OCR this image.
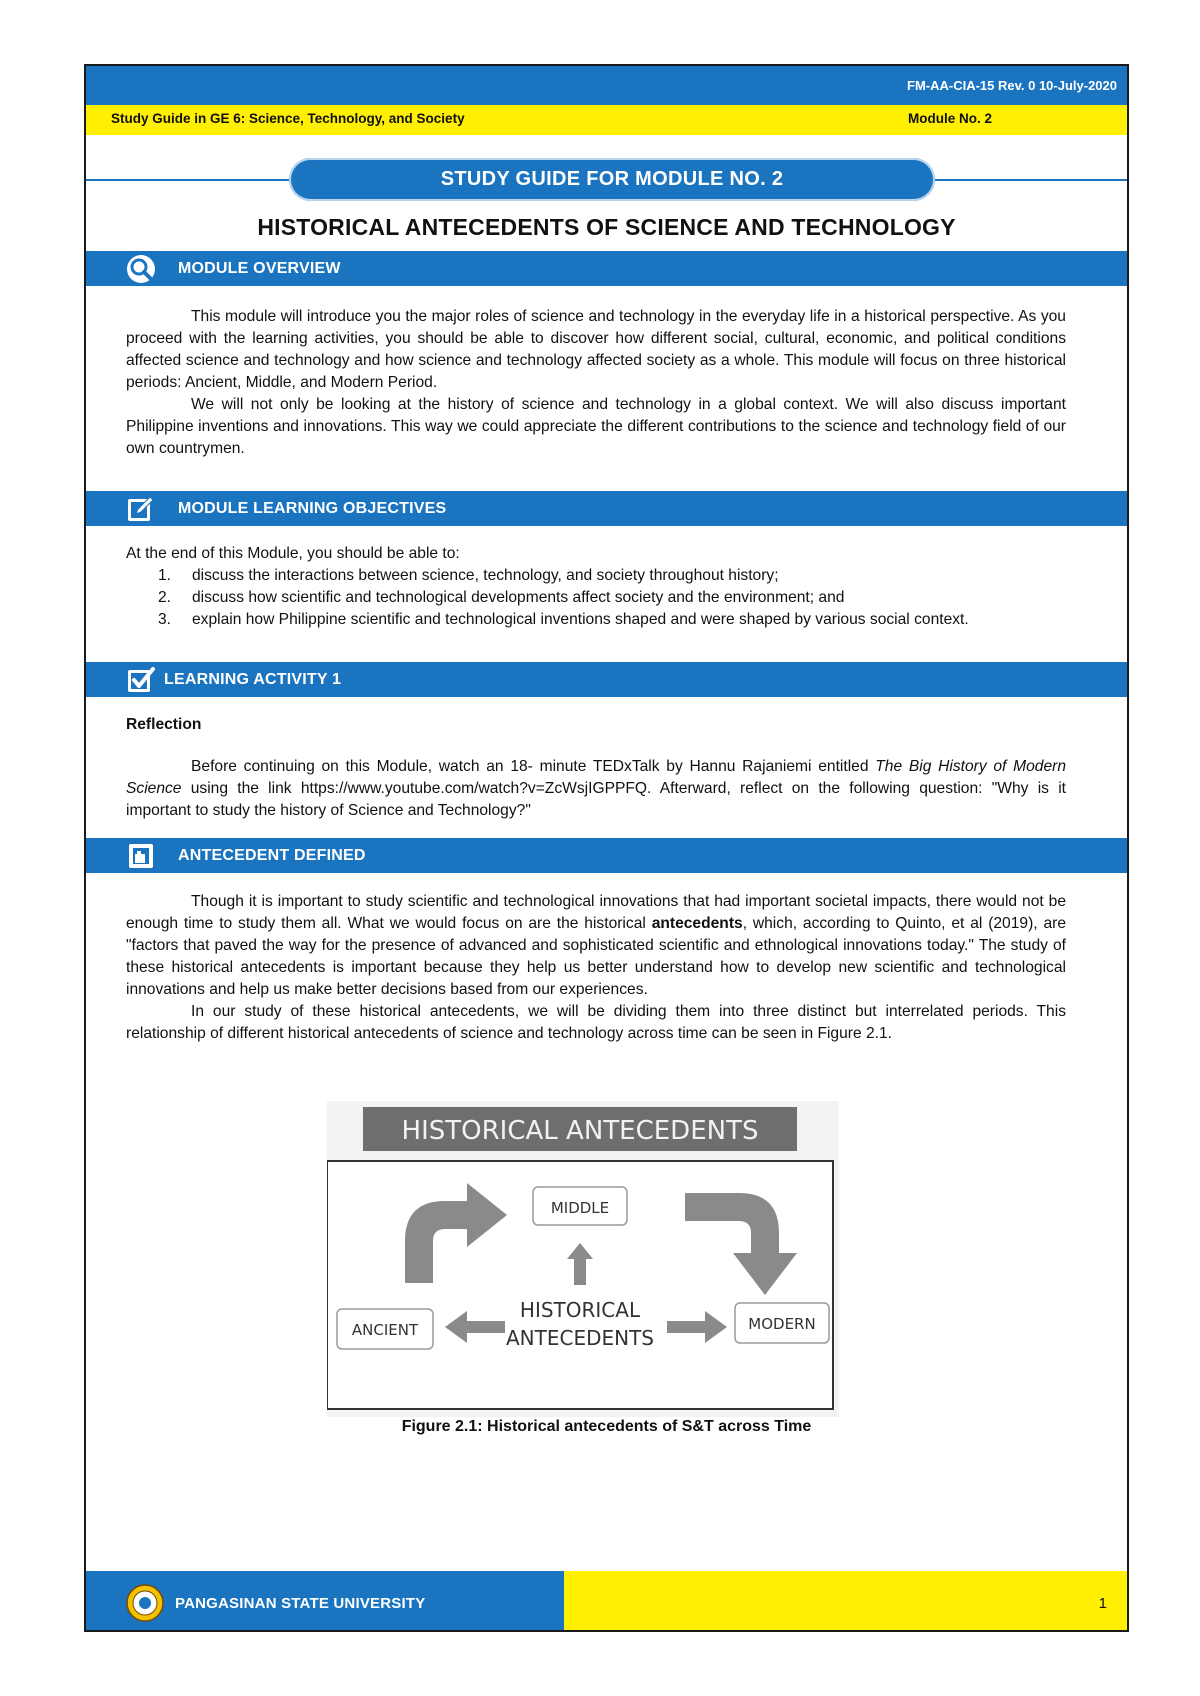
FM-AA-CIA-15 Rev. 0 10-July-2020
Study Guide in GE 6: Science, Technology, and Society	Module No. 2
STUDY GUIDE FOR MODULE NO. 2
HISTORICAL ANTECEDENTS OF SCIENCE AND TECHNOLOGY
MODULE OVERVIEW

This module will introduce you the major roles of science and technology in the everyday life in a historical perspective. As you proceed with the learning activities, you should be able to discover how different social, cultural, economic, and political conditions affected science and technology and how science and technology affected society as a whole. This module will focus on three historical periods: Ancient, Middle, and Modern Period.

We will not only be looking at the history of science and technology in a global context. We will also discuss important Philippine inventions and innovations. This way we could appreciate the different contributions to the science and technology field of our own countrymen.

MODULE LEARNING OBJECTIVES

At the end of this Module, you should be able to:

1. discuss the interactions between science, technology, and society throughout history;
2. discuss how scientific and technological developments affect society and the environment; and
3. explain how Philippine scientific and technological inventions shaped and were shaped by various social context.
LEARNING ACTIVITY 1

Reflection

Before continuing on this Module, watch an 18- minute TEDxTalk by Hannu Rajaniemi entitled The Big History of Modern Science using the link https://www.youtube.com/watch?v=ZcWsjIGPPFQ. Afterward, reflect on the following question: "Why is it important to study the history of Science and Technology?"

ANTECEDENT DEFINED

Though it is important to study scientific and technological innovations that had important societal impacts, there would not be enough time to study them all. What we would focus on are the historical antecedents, which, according to Quinto, et al (2019), are "factors that paved the way for the presence of advanced and sophisticated scientific and ethnological innovations today." The study of these historical antecedents is important because they help us better understand how to develop new scientific and technological innovations and help us make better decisions based from our experiences.

In our study of these historical antecedents, we will be dividing them into three distinct but interrelated periods. This relationship of different historical antecedents of science and technology across time can be seen in Figure 2.1.

HISTORICAL ANTECEDENTS
MIDDLE
HISTORICAL
ANTECEDENTS
ANCIENT	MODERN
Figure 2.1: Historical antecedents of S&T across Time
PANGASINAN STATE UNIVERSITY	1
